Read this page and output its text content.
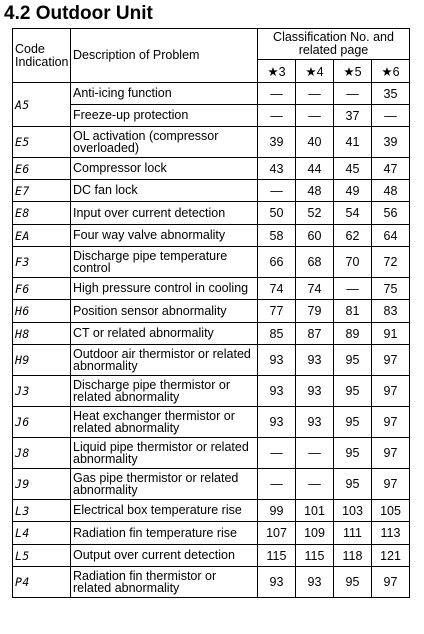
4.2 Outdoor Unit
Code Indication	Description of Problem	Classification No. and related page			
		★3	★4	★5	★6
A5	Anti-icing function	—	—	—	35
	Freeze-up protection	—	—	37	—
E5	OL activation (compressor overloaded)	39	40	41	39
E6	Compressor lock	43	44	45	47
E7	DC fan lock	—	48	49	48
E8	Input over current detection	50	52	54	56
EA	Four way valve abnormality	58	60	62	64
F3	Discharge pipe temperature control	66	68	70	72
F6	High pressure control in cooling	74	74	—	75
H6	Position sensor abnormality	77	79	81	83
H8	CT or related abnormality	85	87	89	91
H9	Outdoor air thermistor or related abnormality	93	93	95	97
J3	Discharge pipe thermistor or related abnormality	93	93	95	97
J6	Heat exchanger thermistor or related abnormality	93	93	95	97
J8	Liquid pipe thermistor or related abnormality	—	—	95	97
J9	Gas pipe thermistor or related abnormality	—	—	95	97
L3	Electrical box temperature rise	99	101	103	105
L4	Radiation fin temperature rise	107	109	111	113
L5	Output over current detection	115	115	118	121
P4	Radiation fin thermistor or related abnormality	93	93	95	97
